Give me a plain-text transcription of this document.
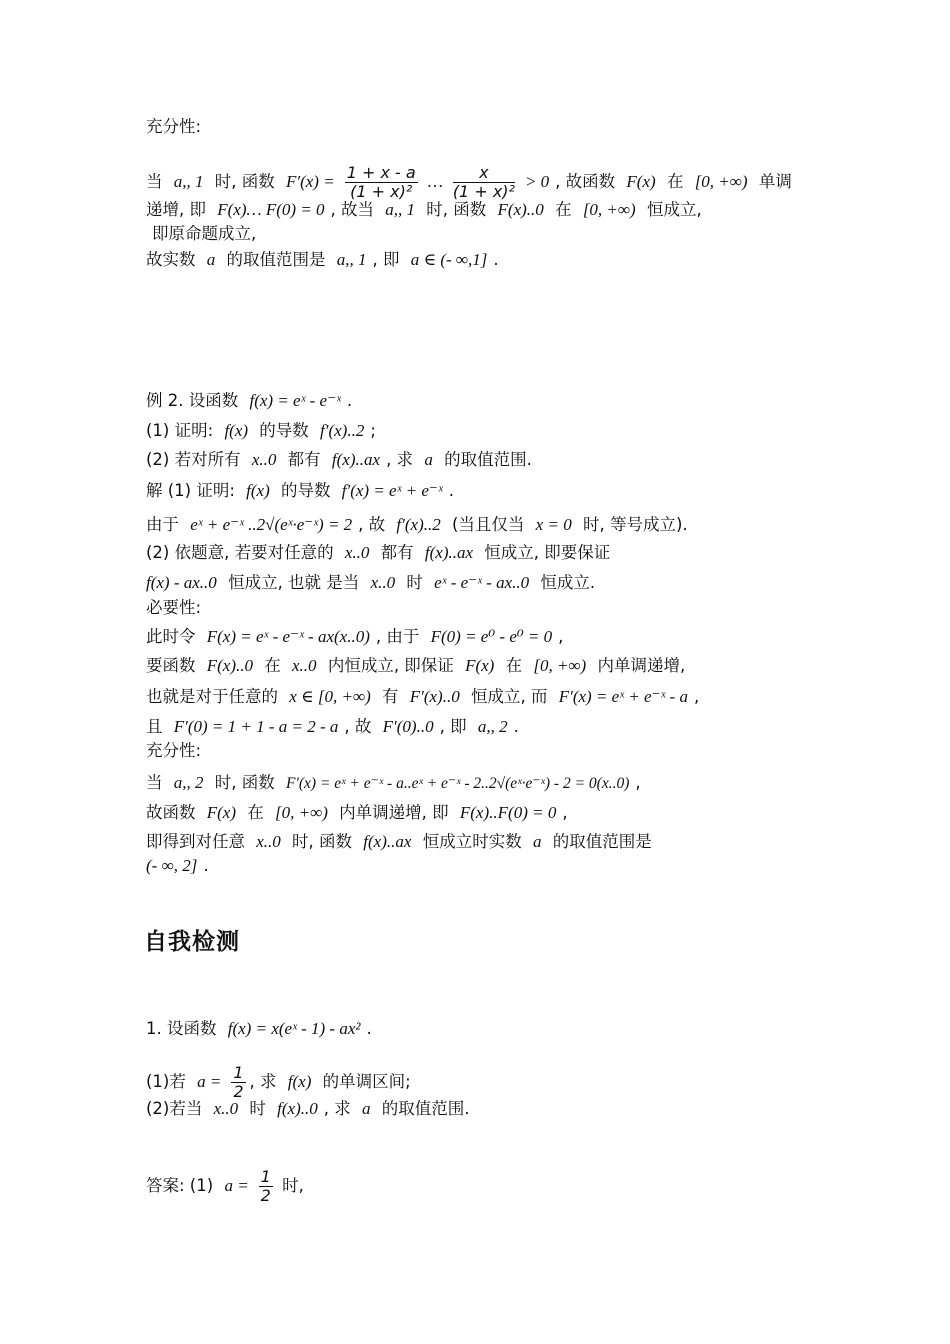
充分性:
当 a,, 1 时, 函数 $F'(x) = \frac{1 + x - a}{\text{(1 + x)²}}$ … $\frac{x}{\text{(1 + x)²}} > 0$ , 故函数 F(x) 在 [0, +∞) 单调
递增, 即 F(x)… F(0) = 0 , 故当 a,, 1 时, 函数 F(x)..0 在 [0, +∞) 恒成立,
即原命题成立,
故实数 a 的取值范围是 a,, 1 , 即 a ∈ (- ∞,1] .
例 2. 设函数 f(x) = eˣ - e⁻ˣ .
(1) 证明: f(x) 的导数 f′(x)..2 ;
(2) 若对所有 x..0 都有 f(x)..ax , 求 a 的取值范围.
解 (1) 证明: f(x) 的导数 f′(x) = eˣ + e⁻ˣ .
由于 eˣ + e⁻ˣ ..2√(eˣ·e⁻ˣ) = 2 , 故 f′(x)..2 (当且仅当 x = 0 时, 等号成立).
(2) 依题意, 若要对任意的 x..0 都有 f(x)..ax 恒成立, 即要保证
f(x) - ax..0 恒成立, 也就 是当 x..0 时 eˣ - e⁻ˣ - ax..0 恒成立.
必要性:
此时令 F(x) = eˣ - e⁻ˣ - ax(x..0) , 由于 F(0) = e⁰ - e⁰ = 0 ,
要函数 F(x)..0 在 x..0 内恒成立, 即保证 F(x) 在 [0, +∞) 内单调递增,
也就是对于任意的 x ∈ [0, +∞) 有 F′(x)..0 恒成立, 而 F′(x) = eˣ + e⁻ˣ - a ,
且 F′(0) = 1 + 1 - a = 2 - a , 故 F′(0)..0 , 即 a,, 2 .
充分性:
当 a,, 2 时, 函数 F′(x) = eˣ + e⁻ˣ - a..eˣ + e⁻ˣ - 2..2√(eˣ·e⁻ˣ) - 2 = 0(x..0) ,
故函数 F(x) 在 [0, +∞) 内单调递增, 即 F(x)..F(0) = 0 ,
即得到对任意 x..0 时, 函数 f(x)..ax 恒成立时实数 a 的取值范围是
(- ∞, 2] .
自我检测
1. 设函数 f(x) = x(eˣ - 1) - ax² .
(1)若 $a = \frac{1}{2}$ , 求 f(x) 的单调区间;
(2)若当 x..0 时 f(x)..0 , 求 a 的取值范围.
答案: (1) $a = \frac{1}{2}$ 时,
